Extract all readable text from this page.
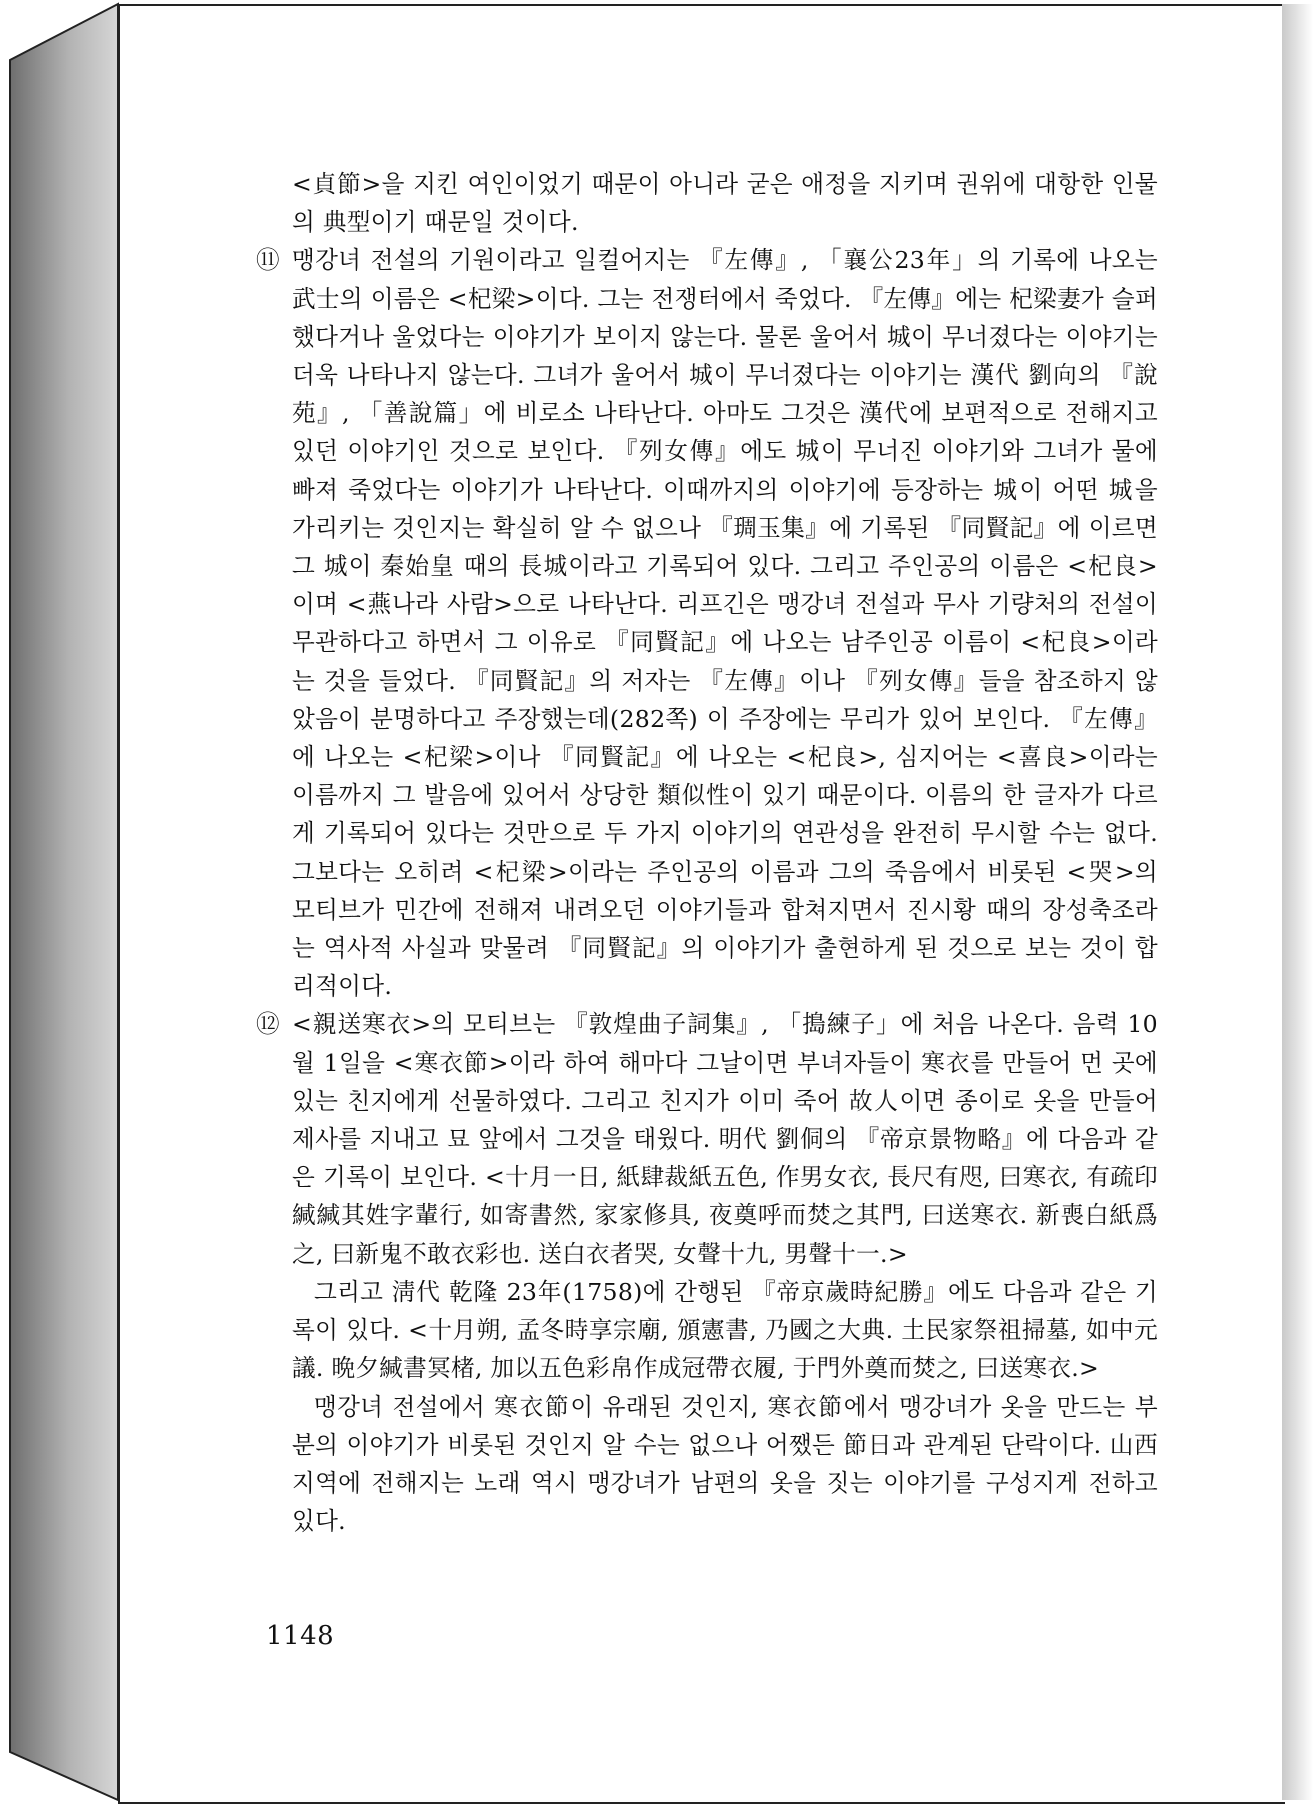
<貞節>을 지킨 여인이었기 때문이 아니라 굳은 애정을 지키며 권위에 대항한 인물의 典型이기 때문일 것이다.

⑪ 맹강녀 전설의 기원이라고 일컬어지는 『左傳』, 「襄公23年」의 기록에 나오는 武士의 이름은 <杞梁>이다. 그는 전쟁터에서 죽었다. 『左傳』에는 杞梁妻가 슬퍼했다거나 울었다는 이야기가 보이지 않는다. 물론 울어서 城이 무너졌다는 이야기는 더욱 나타나지 않는다. 그녀가 울어서 城이 무너졌다는 이야기는 漢代 劉向의 『說苑』, 「善說篇」에 비로소 나타난다. 아마도 그것은 漢代에 보편적으로 전해지고 있던 이야기인 것으로 보인다. 『列女傳』에도 城이 무너진 이야기와 그녀가 물에 빠져 죽었다는 이야기가 나타난다. 이때까지의 이야기에 등장하는 城이 어떤 城을 가리키는 것인지는 확실히 알 수 없으나 『琱玉集』에 기록된 『同賢記』에 이르면 그 城이 秦始皇 때의 長城이라고 기록되어 있다. 그리고 주인공의 이름은 <杞良>이며 <燕나라 사람>으로 나타난다. 리프긴은 맹강녀 전설과 무사 기량처의 전설이 무관하다고 하면서 그 이유로 『同賢記』에 나오는 남주인공 이름이 <杞良>이라는 것을 들었다. 『同賢記』의 저자는 『左傳』이나 『列女傳』들을 참조하지 않았음이 분명하다고 주장했는데(282쪽) 이 주장에는 무리가 있어 보인다. 『左傳』에 나오는 <杞梁>이나 『同賢記』에 나오는 <杞良>, 심지어는 <喜良>이라는 이름까지 그 발음에 있어서 상당한 類似性이 있기 때문이다. 이름의 한 글자가 다르게 기록되어 있다는 것만으로 두 가지 이야기의 연관성을 완전히 무시할 수는 없다. 그보다는 오히려 <杞梁>이라는 주인공의 이름과 그의 죽음에서 비롯된 <哭>의 모티브가 민간에 전해져 내려오던 이야기들과 합쳐지면서 진시황 때의 장성축조라는 역사적 사실과 맞물려 『同賢記』의 이야기가 출현하게 된 것으로 보는 것이 합리적이다.

⑫ <親送寒衣>의 모티브는 『敦煌曲子詞集』, 「搗練子」에 처음 나온다. 음력 10월 1일을 <寒衣節>이라 하여 해마다 그날이면 부녀자들이 寒衣를 만들어 먼 곳에 있는 친지에게 선물하였다. 그리고 친지가 이미 죽어 故人이면 종이로 옷을 만들어 제사를 지내고 묘 앞에서 그것을 태웠다. 明代 劉侗의 『帝京景物略』에 다음과 같은 기록이 보인다. <十月一日, 紙肆裁紙五色, 作男女衣, 長尺有咫, 曰寒衣, 有疏印緘緘其姓字輩行, 如寄書然, 家家修具, 夜奠呼而焚之其門, 曰送寒衣. 新喪白紙爲之, 曰新鬼不敢衣彩也. 送白衣者哭, 女聲十九, 男聲十一.>

그리고 淸代 乾隆 23年(1758)에 간행된 『帝京歲時紀勝』에도 다음과 같은 기록이 있다. <十月朔, 孟冬時享宗廟, 頒憲書, 乃國之大典. 土民家祭祖掃墓, 如中元議. 晩夕緘書冥楮, 加以五色彩帛作成冠帶衣履, 于門外奠而焚之, 曰送寒衣.>

맹강녀 전설에서 寒衣節이 유래된 것인지, 寒衣節에서 맹강녀가 옷을 만드는 부분의 이야기가 비롯된 것인지 알 수는 없으나 어쨌든 節日과 관계된 단락이다. 山西지역에 전해지는 노래 역시 맹강녀가 남편의 옷을 짓는 이야기를 구성지게 전하고 있다.

1148
